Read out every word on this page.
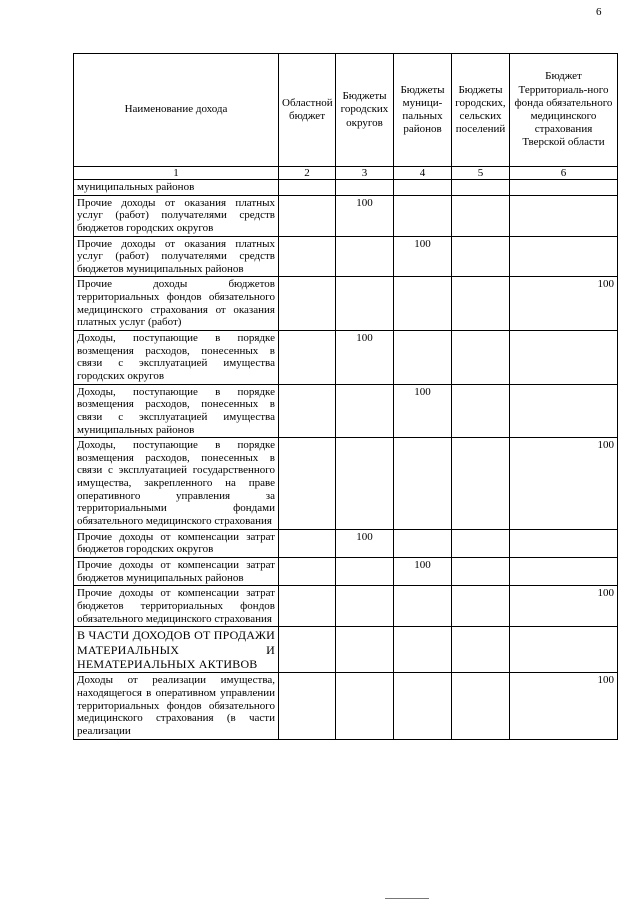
6
Наименование дохода	Областной бюджет	Бюджеты городских округов	Бюджеты муници-пальных районов	Бюджеты городских, сельских поселений	Бюджет Территориаль-ного фонда обязательного медицинского страхования Тверской области
1	2	3	4	5	6
муниципальных районов					
Прочие доходы от оказания платных услуг (работ) получателями средств бюджетов городских округов		100			
Прочие доходы от оказания платных услуг (работ) получателями средств бюджетов муниципальных районов			100		
Прочие доходы бюджетов территориальных фондов обязательного медицинского страхования от оказания платных услуг (работ)					100
Доходы, поступающие в порядке возмещения расходов, понесенных в связи с эксплуатацией имущества городских округов		100			
Доходы, поступающие в порядке возмещения расходов, понесенных в связи с эксплуатацией имущества муниципальных районов			100		
Доходы, поступающие в порядке возмещения расходов, понесенных в связи с эксплуатацией государственного имущества, закрепленного на праве оперативного управления за территориальными фондами обязательного медицинского страхования					100
Прочие доходы от компенсации затрат бюджетов городских округов		100			
Прочие доходы от компенсации затрат бюджетов муниципальных районов			100		
Прочие доходы от компенсации затрат бюджетов территориальных фондов обязательного медицинского страхования					100
В ЧАСТИ ДОХОДОВ ОТ ПРОДАЖИ МАТЕРИАЛЬНЫХ И НЕМАТЕРИАЛЬНЫХ АКТИВОВ					
Доходы от реализации имущества, находящегося в оперативном управлении территориальных фондов обязательного медицинского страхования (в части реализации					100
